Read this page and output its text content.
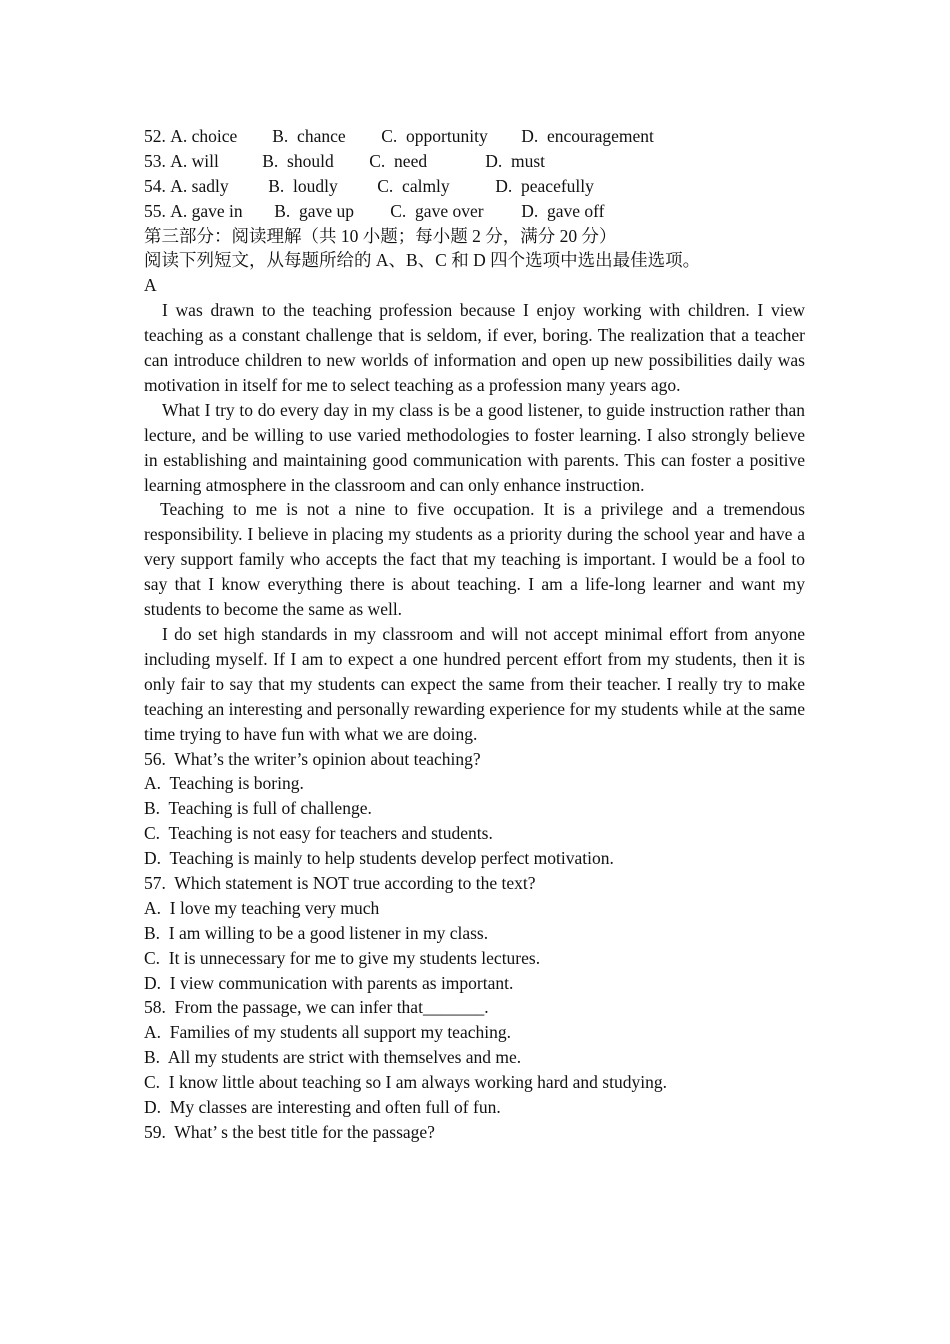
52.
A. choice	B.  chance	C.  opportunity	D.  encouragement
53.
A. will	B.  should	C.  need	D.  must
54.
A. sadly	B.  loudly	C.  calmly	D.  peacefully
55.
A. gave in	B.  gave up	C.  gave over	D.  gave off
第三部分：阅读理解（共 10 小题；每小题 2 分，满分 20 分）
阅读下列短文，从每题所给的 A、B、C 和 D 四个选项中选出最佳选项。
A
I was drawn to the teaching profession because I enjoy working with children. I view teaching as a constant challenge that is seldom, if ever, boring. The realization that a teacher can introduce children to new worlds of information and open up new possibilities daily was motivation in itself for me to select teaching as a profession many years ago.
What I try to do every day in my class is be a good listener, to guide instruction rather than lecture, and be willing to use varied methodologies to foster learning. I also strongly believe in establishing and maintaining good communication with parents. This can foster a positive learning atmosphere in the classroom and can only enhance instruction.
Teaching to me is not a nine to five occupation. It is a privilege and a tremendous responsibility. I believe in placing my students as a priority during the school year and have a very support family who accepts the fact that my teaching is important. I would be a fool to say that I know everything there is about teaching. I am a life-long learner and want my students to become the same as well.
I do set high standards in my classroom and will not accept minimal effort from anyone including myself. If I am to expect a one hundred percent effort from my students, then it is only fair to say that my students can expect the same from their teacher. I really try to make teaching an interesting and personally rewarding experience for my students while at the same time trying to have fun with what we are doing.
56.  What’s the writer’s opinion about teaching?
A.  Teaching is boring.
B.  Teaching is full of challenge.
C.  Teaching is not easy for teachers and students.
D.  Teaching is mainly to help students develop perfect motivation.
57.  Which statement is NOT true according to the text?
A.  I love my teaching very much
B.  I am willing to be a good listener in my class.
C.  It is unnecessary for me to give my students lectures.
D.  I view communication with parents as important.
58.  From the passage, we can infer that_______.
A.  Families of my students all support my teaching.
B.  All my students are strict with themselves and me.
C.  I know little about teaching so I am always working hard and studying.
D.  My classes are interesting and often full of fun.
59.  What’ s the best title for the passage?
